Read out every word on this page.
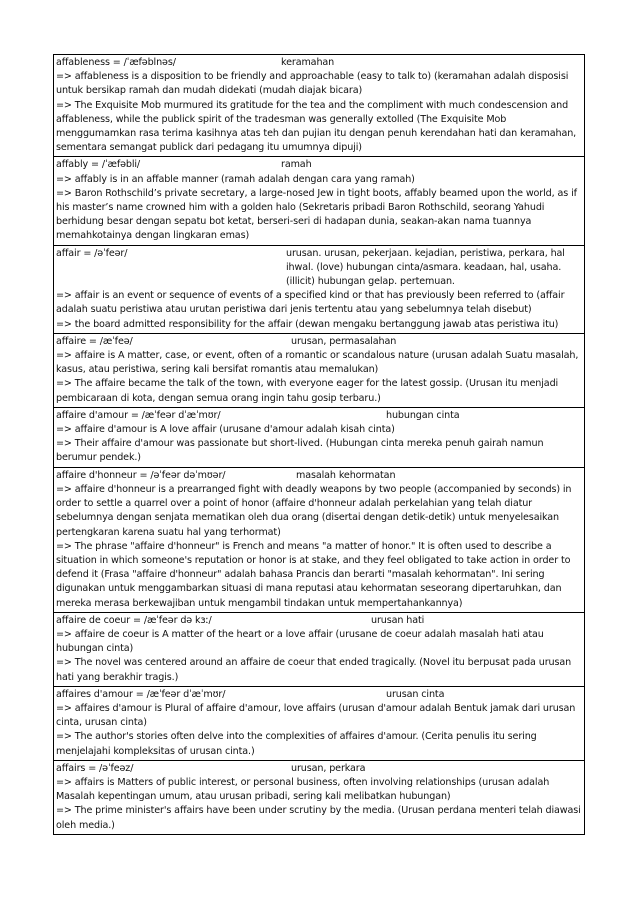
affableness = /ˈæfəblnəs/	keramahan
=> affableness is a disposition to be friendly and approachable (easy to talk to) (keramahan adalah disposisi untuk bersikap ramah dan mudah didekati (mudah diajak bicara)
=> The Exquisite Mob murmured its gratitude for the tea and the compliment with much condescension and affableness, while the publick spirit of the tradesman was generally extolled (The Exquisite Mob menggumamkan rasa terima kasihnya atas teh dan pujian itu dengan penuh kerendahan hati dan keramahan, sementara semangat publick dari pedagang itu umumnya dipuji)
affably = /ˈæfəbli/	ramah
=> affably is in an affable manner (ramah adalah dengan cara yang ramah)
=> Baron Rothschild’s private secretary, a large-nosed Jew in tight boots, affably beamed upon the world, as if his master’s name crowned him with a golden halo (Sekretaris pribadi Baron Rothschild, seorang Yahudi berhidung besar dengan sepatu bot ketat, berseri-seri di hadapan dunia, seakan-akan nama tuannya memahkotainya dengan lingkaran emas)
affair = /əˈfeər/	urusan. urusan, pekerjaan. kejadian, peristiwa, perkara, hal ihwal. (love) hubungan cinta/asmara. keadaan, hal, usaha. (illicit) hubungan gelap. pertemuan.
=> affair is an event or sequence of events of a specified kind or that has previously been referred to (affair adalah suatu peristiwa atau urutan peristiwa dari jenis tertentu atau yang sebelumnya telah disebut)
=> the board admitted responsibility for the affair (dewan mengaku bertanggung jawab atas peristiwa itu)
affaire = /æˈfeə/	urusan, permasalahan
=> affaire is A matter, case, or event, often of a romantic or scandalous nature (urusan adalah Suatu masalah, kasus, atau peristiwa, sering kali bersifat romantis atau memalukan)
=> The affaire became the talk of the town, with everyone eager for the latest gossip. (Urusan itu menjadi pembicaraan di kota, dengan semua orang ingin tahu gosip terbaru.)
affaire d'amour = /æˈfeər dˈæˈmʊr/	hubungan cinta
=> affaire d'amour is A love affair (urusane d'amour adalah kisah cinta)
=> Their affaire d'amour was passionate but short-lived. (Hubungan cinta mereka penuh gairah namun berumur pendek.)
affaire d'honneur = /əˈfeər dəˈmʊər/	masalah kehormatan
=> affaire d'honneur is a prearranged fight with deadly weapons by two people (accompanied by seconds) in order to settle a quarrel over a point of honor (affaire d'honneur adalah perkelahian yang telah diatur sebelumnya dengan senjata mematikan oleh dua orang (disertai dengan detik-detik) untuk menyelesaikan pertengkaran karena suatu hal yang terhormat)
=> The phrase "affaire d'honneur" is French and means "a matter of honor." It is often used to describe a situation in which someone's reputation or honor is at stake, and they feel obligated to take action in order to defend it (Frasa "affaire d'honneur" adalah bahasa Prancis dan berarti "masalah kehormatan". Ini sering digunakan untuk menggambarkan situasi di mana reputasi atau kehormatan seseorang dipertaruhkan, dan mereka merasa berkewajiban untuk mengambil tindakan untuk mempertahankannya)
affaire de coeur = /æˈfeər də kɜː/	urusan hati
=> affaire de coeur is A matter of the heart or a love affair (urusane de coeur adalah masalah hati atau hubungan cinta)
=> The novel was centered around an affaire de coeur that ended tragically. (Novel itu berpusat pada urusan hati yang berakhir tragis.)
affaires d'amour = /æˈfeər dˈæˈmʊr/	urusan cinta
=> affaires d'amour is Plural of affaire d'amour, love affairs (urusan d'amour adalah Bentuk jamak dari urusan cinta, urusan cinta)
=> The author's stories often delve into the complexities of affaires d'amour. (Cerita penulis itu sering menjelajahi kompleksitas of urusan cinta.)
affairs = /əˈfeəz/	urusan, perkara
=> affairs is Matters of public interest, or personal business, often involving relationships (urusan adalah Masalah kepentingan umum, atau urusan pribadi, sering kali melibatkan hubungan)
=> The prime minister's affairs have been under scrutiny by the media. (Urusan perdana menteri telah diawasi oleh media.)
